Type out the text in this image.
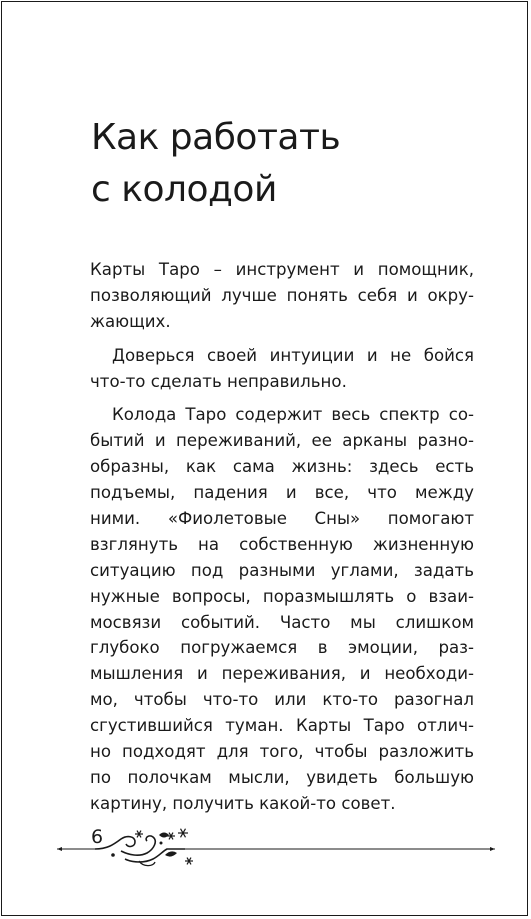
Как работать
с колодой

Карты Таро – инструмент и помощник,
позволяющий лучше понять себя и окру-
жающих.

Доверься своей интуиции и не бойся
что-то сделать неправильно.

Колода Таро содержит весь спектр со-
бытий и переживаний, ее арканы разно-
образны, как сама жизнь: здесь есть
подъемы, падения и все, что между
ними. «Фиолетовые Сны» помогают
взглянуть на собственную жизненную
ситуацию под разными углами, задать
нужные вопросы, поразмышлять о взаи-
мосвязи событий. Часто мы слишком
глубоко погружаемся в эмоции, раз-
мышления и переживания, и необходи-
мо, чтобы что-то или кто-то разогнал
сгустившийся туман. Карты Таро отлич-
но подходят для того, чтобы разложить
по полочкам мысли, увидеть большую
картину, получить какой-то совет.

6
